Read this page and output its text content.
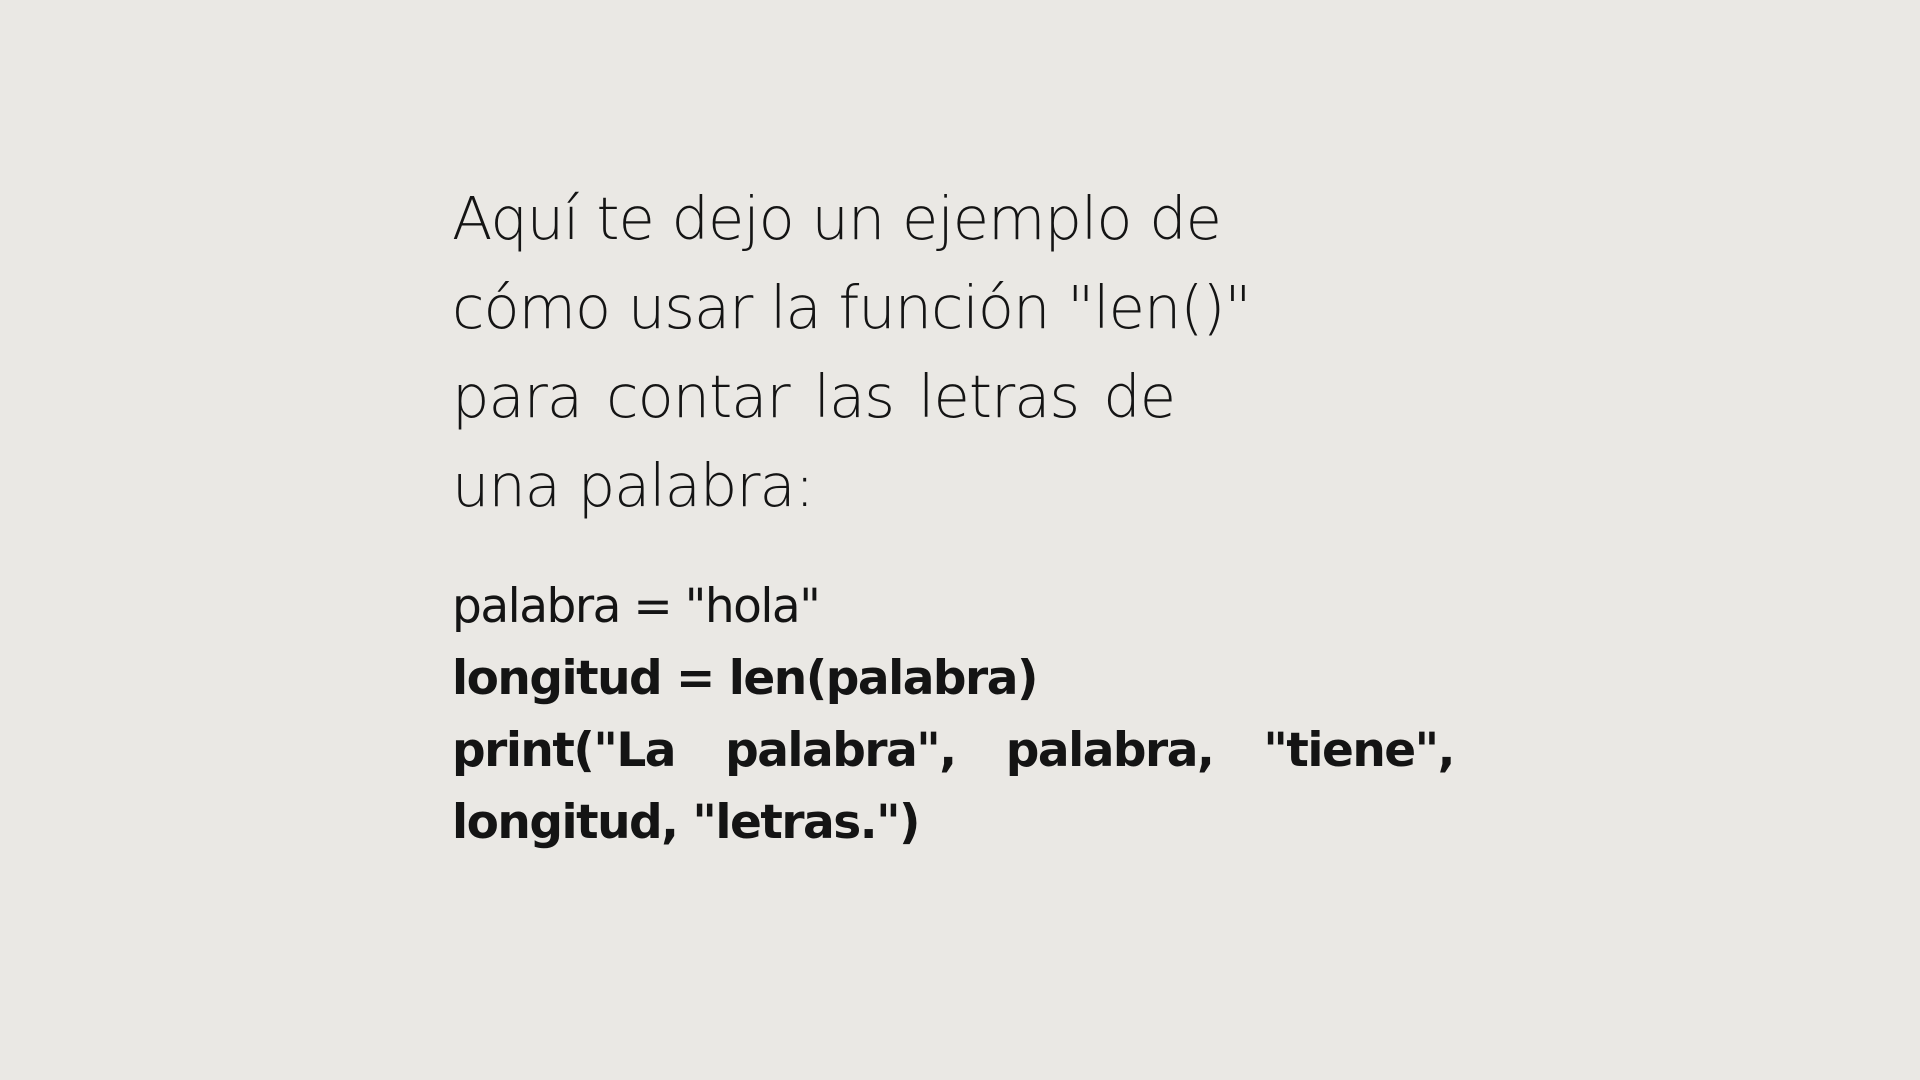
Aquí te dejo un ejemplo de
cómo usar la función "len()"
para contar las letras de
una palabra:

palabra = "hola"
longitud = len(palabra)
print("La palabra", palabra, "tiene",
longitud, "letras.")
